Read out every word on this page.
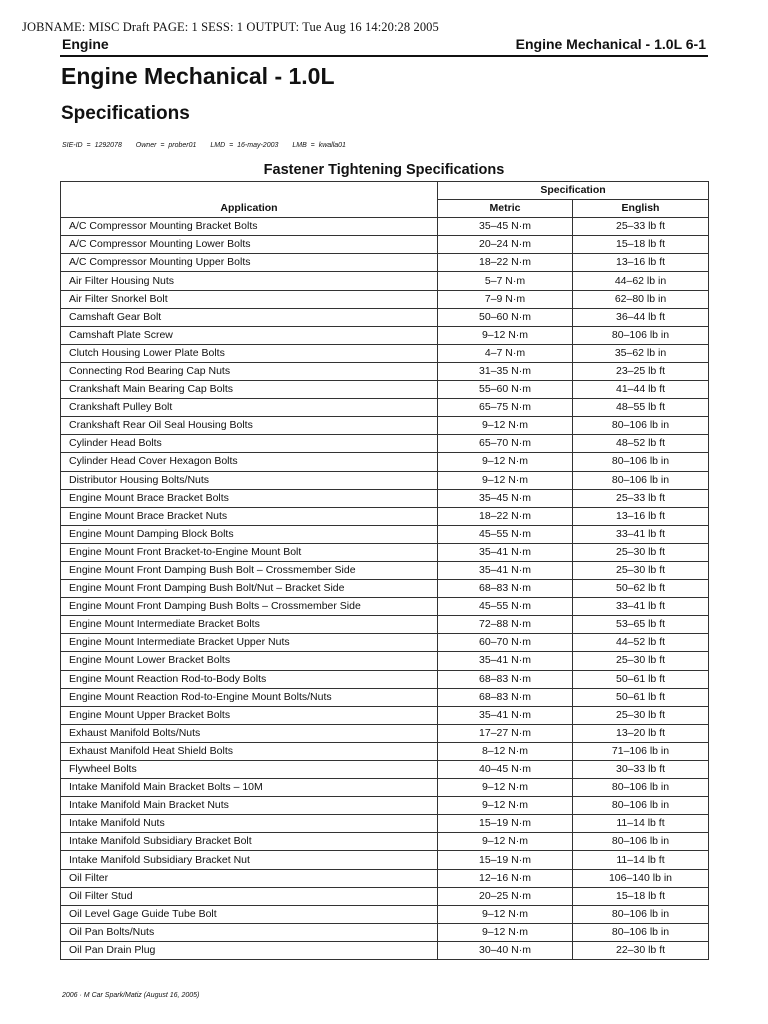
JOBNAME: MISC Draft PAGE: 1 SESS: 1 OUTPUT: Tue Aug 16 14:20:28 2005
Engine	Engine Mechanical - 1.0L 6-1
Engine Mechanical - 1.0L
Specifications
SIE-ID = 1292078 Owner = prober01 LMD = 16-may-2003 LMB = kwalla01
Fastener Tightening Specifications
Application	Specification	
	Metric	English
A/C Compressor Mounting Bracket Bolts	35–45 N·m	25–33 lb ft
A/C Compressor Mounting Lower Bolts	20–24 N·m	15–18 lb ft
A/C Compressor Mounting Upper Bolts	18–22 N·m	13–16 lb ft
Air Filter Housing Nuts	5–7 N·m	44–62 lb in
Air Filter Snorkel Bolt	7–9 N·m	62–80 lb in
Camshaft Gear Bolt	50–60 N·m	36–44 lb ft
Camshaft Plate Screw	9–12 N·m	80–106 lb in
Clutch Housing Lower Plate Bolts	4–7 N·m	35–62 lb in
Connecting Rod Bearing Cap Nuts	31–35 N·m	23–25 lb ft
Crankshaft Main Bearing Cap Bolts	55–60 N·m	41–44 lb ft
Crankshaft Pulley Bolt	65–75 N·m	48–55 lb ft
Crankshaft Rear Oil Seal Housing Bolts	9–12 N·m	80–106 lb in
Cylinder Head Bolts	65–70 N·m	48–52 lb ft
Cylinder Head Cover Hexagon Bolts	9–12 N·m	80–106 lb in
Distributor Housing Bolts/Nuts	9–12 N·m	80–106 lb in
Engine Mount Brace Bracket Bolts	35–45 N·m	25–33 lb ft
Engine Mount Brace Bracket Nuts	18–22 N·m	13–16 lb ft
Engine Mount Damping Block Bolts	45–55 N·m	33–41 lb ft
Engine Mount Front Bracket-to-Engine Mount Bolt	35–41 N·m	25–30 lb ft
Engine Mount Front Damping Bush Bolt – Crossmember Side	35–41 N·m	25–30 lb ft
Engine Mount Front Damping Bush Bolt/Nut – Bracket Side	68–83 N·m	50–62 lb ft
Engine Mount Front Damping Bush Bolts – Crossmember Side	45–55 N·m	33–41 lb ft
Engine Mount Intermediate Bracket Bolts	72–88 N·m	53–65 lb ft
Engine Mount Intermediate Bracket Upper Nuts	60–70 N·m	44–52 lb ft
Engine Mount Lower Bracket Bolts	35–41 N·m	25–30 lb ft
Engine Mount Reaction Rod-to-Body Bolts	68–83 N·m	50–61 lb ft
Engine Mount Reaction Rod-to-Engine Mount Bolts/Nuts	68–83 N·m	50–61 lb ft
Engine Mount Upper Bracket Bolts	35–41 N·m	25–30 lb ft
Exhaust Manifold Bolts/Nuts	17–27 N·m	13–20 lb ft
Exhaust Manifold Heat Shield Bolts	8–12 N·m	71–106 lb in
Flywheel Bolts	40–45 N·m	30–33 lb ft
Intake Manifold Main Bracket Bolts – 10M	9–12 N·m	80–106 lb in
Intake Manifold Main Bracket Nuts	9–12 N·m	80–106 lb in
Intake Manifold Nuts	15–19 N·m	11–14 lb ft
Intake Manifold Subsidiary Bracket Bolt	9–12 N·m	80–106 lb in
Intake Manifold Subsidiary Bracket Nut	15–19 N·m	11–14 lb ft
Oil Filter	12–16 N·m	106–140 lb in
Oil Filter Stud	20–25 N·m	15–18 lb ft
Oil Level Gage Guide Tube Bolt	9–12 N·m	80–106 lb in
Oil Pan Bolts/Nuts	9–12 N·m	80–106 lb in
Oil Pan Drain Plug	30–40 N·m	22–30 lb ft
2006 · M Car Spark/Matiz (August 16, 2005)
